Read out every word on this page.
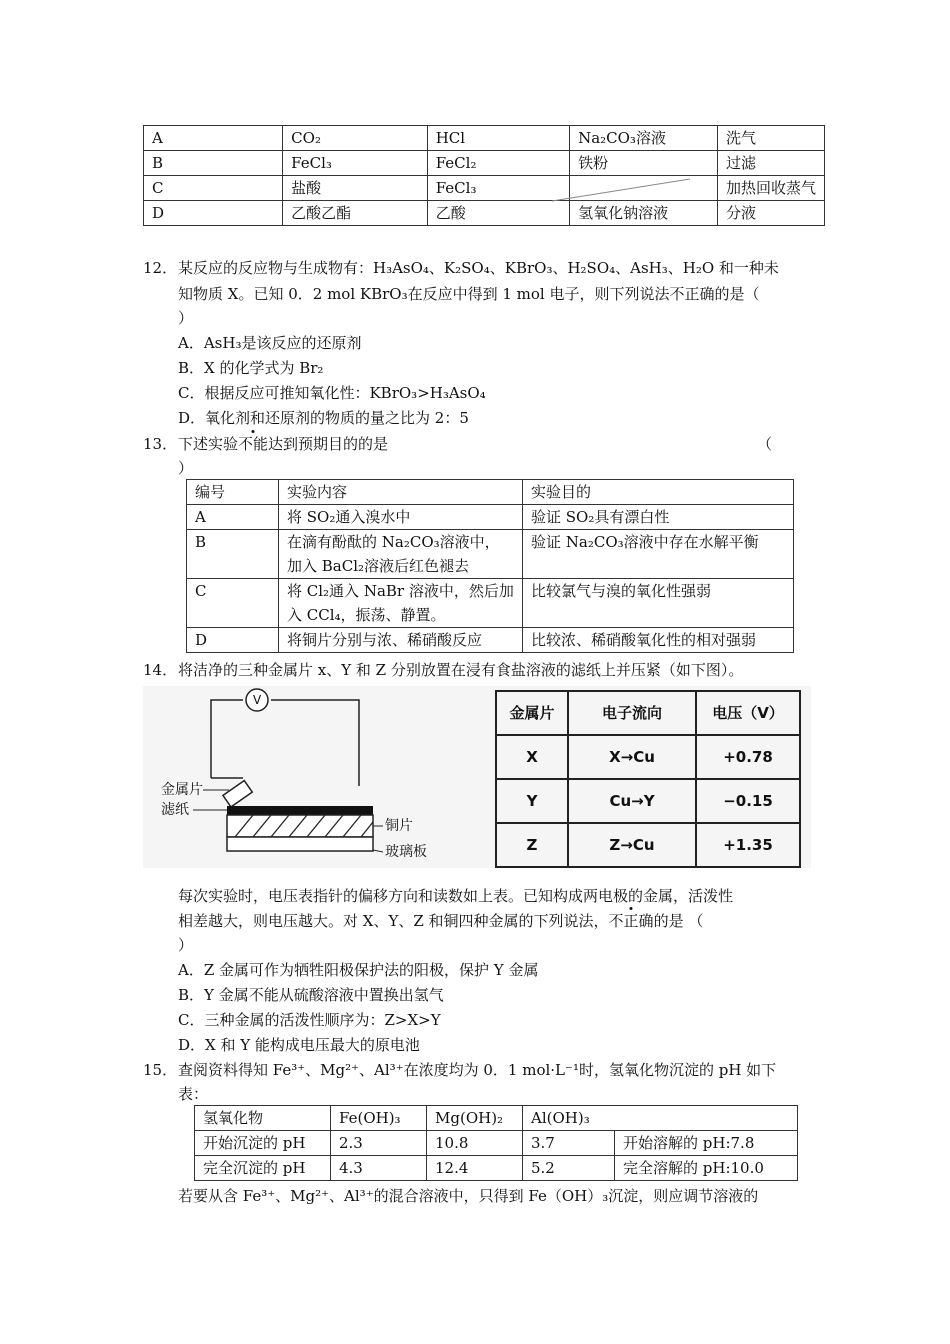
A	CO₂	HCl	Na₂CO₃溶液	洗气
B	FeCl₃	FeCl₂	铁粉	过滤
C	盐酸	FeCl₃		加热回收蒸气
D	乙酸乙酯	乙酸	氢氧化钠溶液	分液
12． 某反应的反应物与生成物有：H₃AsO₄、K₂SO₄、KBrO₃、H₂SO₄、AsH₃、H₂O 和一种未
知物质 X。已知 0．2 mol KBrO₃在反应中得到 1 mol 电子，则下列说法不正确的是（
）
A．AsH₃是该反应的还原剂
B．X 的化学式为 Br₂
C．根据反应可推知氧化性：KBrO₃>H₃AsO₄
D．氧化剂和还原剂的物质的量之比为 2：5
13． 下述实验不能达到预期目的的是	（
）
编号	实验内容	实验目的
A	将 SO₂通入溴水中	验证 SO₂具有漂白性
B	在滴有酚酞的 Na₂CO₃溶液中，加入 BaCl₂溶液后红色褪去	验证 Na₂CO₃溶液中存在水解平衡
C	将 Cl₂通入 NaBr 溶液中，然后加入 CCl₄，振荡、静置。	比较氯气与溴的氧化性强弱
D	将铜片分别与浓、稀硝酸反应	比较浓、稀硝酸氧化性的相对强弱
14． 将洁净的三种金属片 x、Y 和 Z 分别放置在浸有食盐溶液的滤纸上并压紧（如下图）。
V
金属片
滤纸
铜片
玻璃板
金属片	电子流向	电压（V）
X	X→Cu	+0.78
Y	Cu→Y	−0.15
Z	Z→Cu	+1.35
每次实验时，电压表指针的偏移方向和读数如上表。已知构成两电极的金属，活泼性
相差越大，则电压越大。对 X、Y、Z 和铜四种金属的下列说法，不正确的是 （
）
A．Z 金属可作为牺牲阳极保护法的阳极，保护 Y 金属
B．Y 金属不能从硫酸溶液中置换出氢气
C．三种金属的活泼性顺序为：Z>X>Y
D．X 和 Y 能构成电压最大的原电池
15． 查阅资料得知 Fe³⁺、Mg²⁺、Al³⁺在浓度均为 0．1 mol·L⁻¹时，氢氧化物沉淀的 pH 如下
表：
氢氧化物	Fe(OH)₃	Mg(OH)₂	Al(OH)₃	
开始沉淀的 pH	2.3	10.8	3.7	开始溶解的 pH:7.8
完全沉淀的 pH	4.3	12.4	5.2	完全溶解的 pH:10.0
若要从含 Fe³⁺、Mg²⁺、Al³⁺的混合溶液中，只得到 Fe（OH）₃沉淀，则应调节溶液的
